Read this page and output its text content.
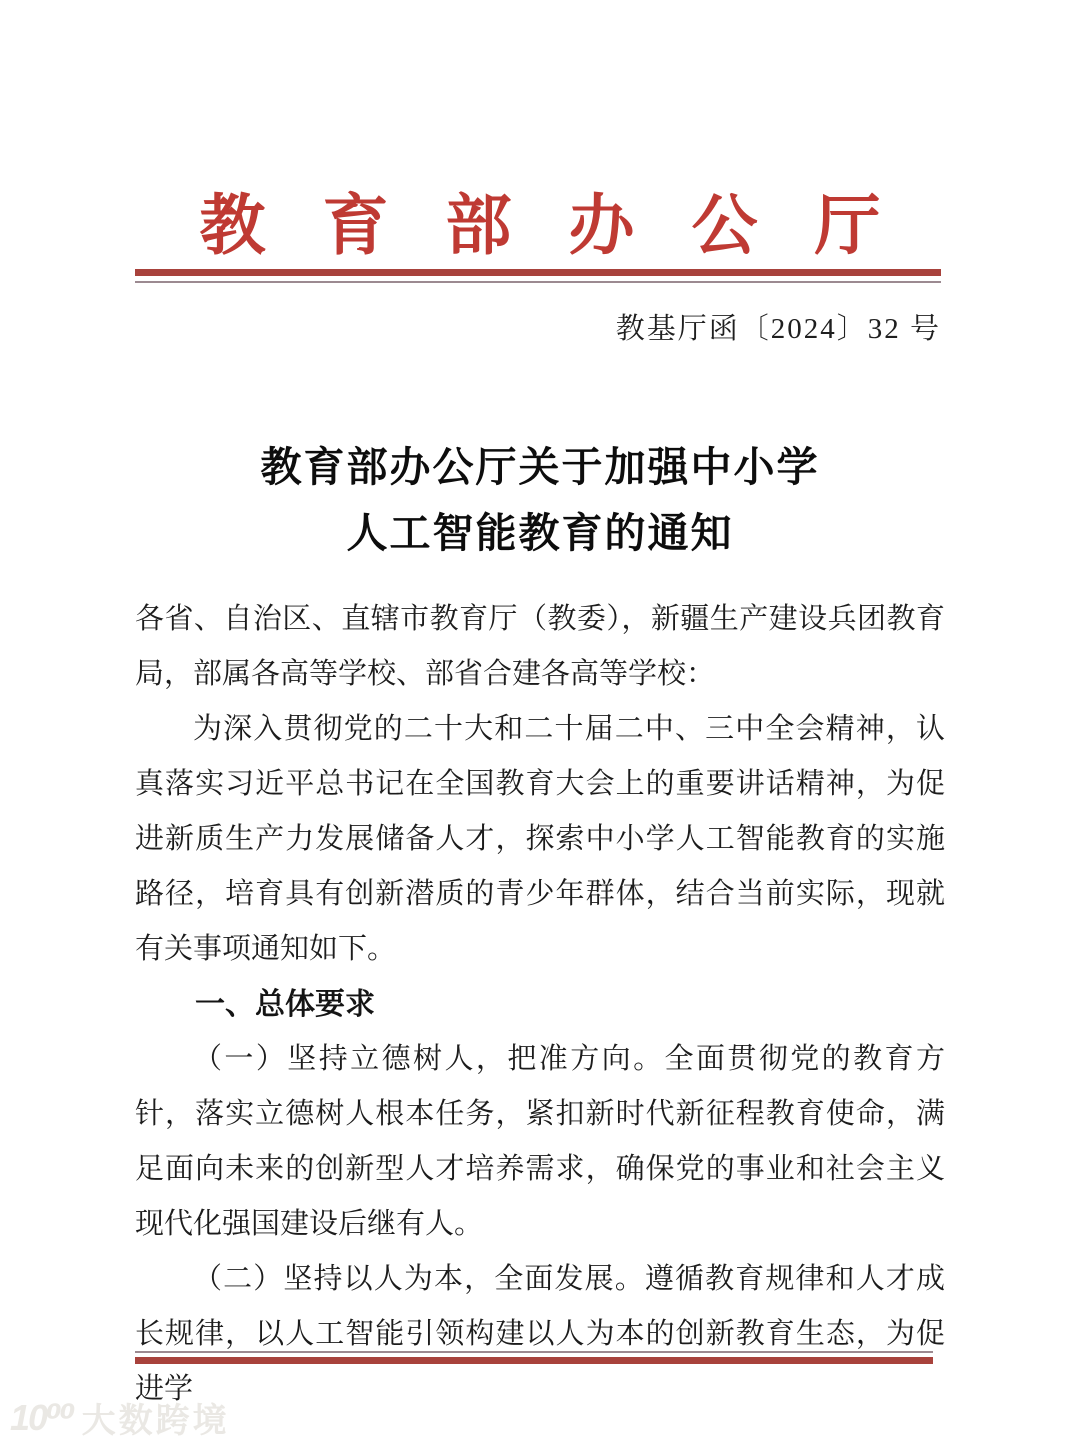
教育部办公厅
教基厅函〔2024〕32 号
教育部办公厅关于加强中小学
人工智能教育的通知

各省、自治区、直辖市教育厅（教委），新疆生产建设兵团教育局，部属各高等学校、部省合建各高等学校：

为深入贯彻党的二十大和二十届二中、三中全会精神，认真落实习近平总书记在全国教育大会上的重要讲话精神，为促进新质生产力发展储备人才，探索中小学人工智能教育的实施路径，培育具有创新潜质的青少年群体，结合当前实际，现就有关事项通知如下。

一、总体要求

（一）坚持立德树人，把准方向。全面贯彻党的教育方针，落实立德树人根本任务，紧扣新时代新征程教育使命，满足面向未来的创新型人才培养需求，确保党的事业和社会主义现代化强国建设后继有人。

（二）坚持以人为本，全面发展。遵循教育规律和人才成长规律，以人工智能引领构建以人为本的创新教育生态，为促进学

10⁰⁰ 大数跨境
